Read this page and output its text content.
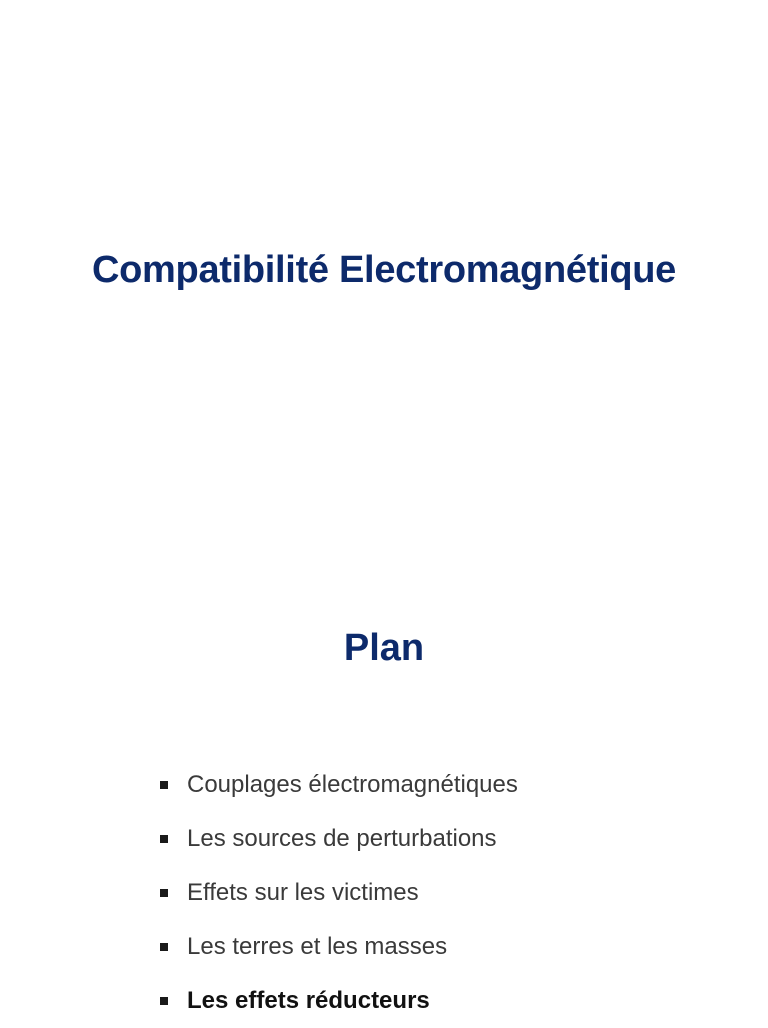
Compatibilité Electromagnétique
Plan
Couplages électromagnétiques
Les sources de perturbations
Effets sur les victimes
Les terres et les masses
Les effets réducteurs
